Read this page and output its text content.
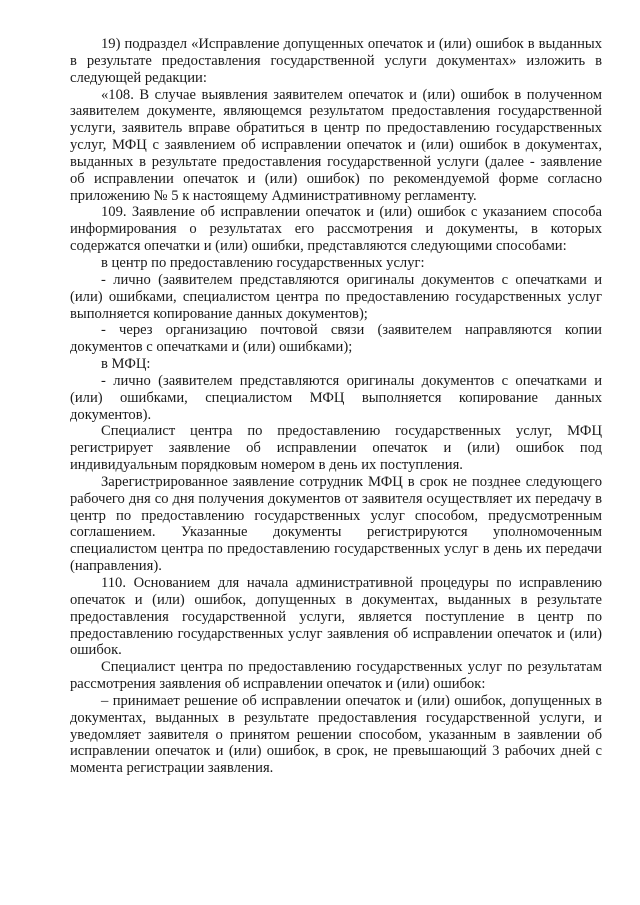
19) подраздел «Исправление допущенных опечаток и (или) ошибок в выданных в результате предоставления государственной услуги документах» изложить в следующей редакции:

«108. В случае выявления заявителем опечаток и (или) ошибок в полученном заявителем документе, являющемся результатом предоставления государственной услуги, заявитель вправе обратиться в центр по предоставлению государственных услуг, МФЦ с заявлением об исправлении опечаток и (или) ошибок в документах, выданных в результате предоставления государственной услуги (далее - заявление об исправлении опечаток и (или) ошибок) по рекомендуемой форме согласно приложению № 5 к настоящему Административному регламенту.

109. Заявление об исправлении опечаток и (или) ошибок с указанием способа информирования о результатах его рассмотрения и документы, в которых содержатся опечатки и (или) ошибки, представляются следующими способами:

в центр по предоставлению государственных услуг:

- лично (заявителем представляются оригиналы документов с опечатками и (или) ошибками, специалистом центра по предоставлению государственных услуг выполняется копирование данных документов);

- через организацию почтовой связи (заявителем направляются копии документов с опечатками и (или) ошибками);

в МФЦ:

- лично (заявителем представляются оригиналы документов с опечатками и (или) ошибками, специалистом МФЦ выполняется копирование данных документов).

Специалист центра по предоставлению государственных услуг, МФЦ регистрирует заявление об исправлении опечаток и (или) ошибок под индивидуальным порядковым номером в день их поступления.

Зарегистрированное заявление сотрудник МФЦ в срок не позднее следующего рабочего дня со дня получения документов от заявителя осуществляет их передачу в центр по предоставлению государственных услуг способом, предусмотренным соглашением. Указанные документы регистрируются уполномоченным специалистом центра по предоставлению государственных услуг в день их передачи (направления).

110. Основанием для начала административной процедуры по исправлению опечаток и (или) ошибок, допущенных в документах, выданных в результате предоставления государственной услуги, является поступление в центр по предоставлению государственных услуг заявления об исправлении опечаток и (или) ошибок.

Специалист центра по предоставлению государственных услуг по результатам рассмотрения заявления об исправлении опечаток и (или) ошибок:

– принимает решение об исправлении опечаток и (или) ошибок, допущенных в документах, выданных в результате предоставления государственной услуги, и уведомляет заявителя о принятом решении способом, указанным в заявлении об исправлении опечаток и (или) ошибок, в срок, не превышающий 3 рабочих дней с момента регистрации заявления.
